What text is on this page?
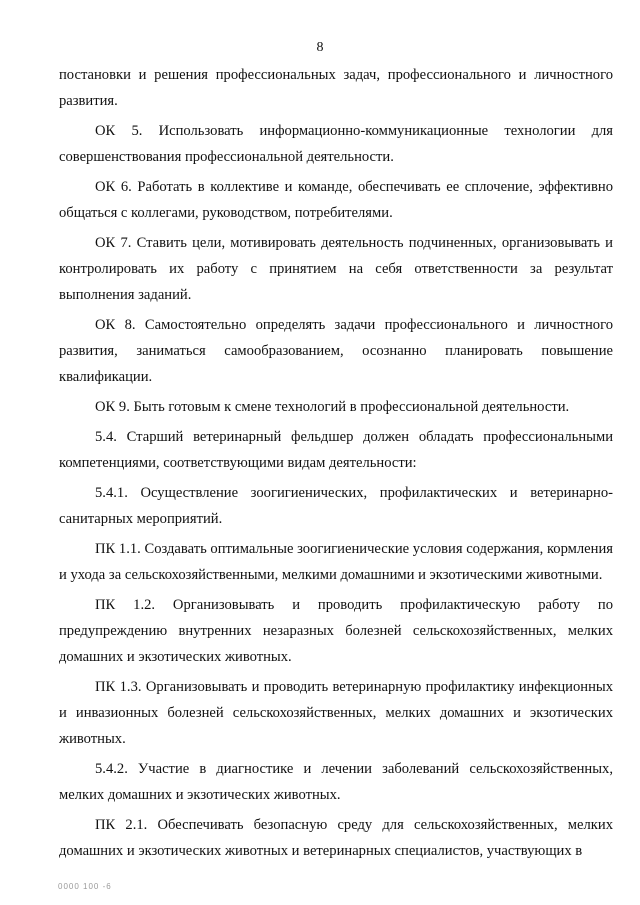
8

постановки и решения профессиональных задач, профессионального и личностного развития.

ОК 5. Использовать информационно-коммуникационные технологии для совершенствования профессиональной деятельности.

ОК 6. Работать в коллективе и команде, обеспечивать ее сплочение, эффективно общаться с коллегами, руководством, потребителями.

ОК 7. Ставить цели, мотивировать деятельность подчиненных, организовывать и контролировать их работу с принятием на себя ответственности за результат выполнения заданий.

ОК 8. Самостоятельно определять задачи профессионального и личностного развития, заниматься самообразованием, осознанно планировать повышение квалификации.

ОК 9. Быть готовым к смене технологий в профессиональной деятельности.

5.4. Старший ветеринарный фельдшер должен обладать профессиональными компетенциями, соответствующими видам деятельности:

5.4.1. Осуществление зоогигиенических, профилактических и ветеринарно-санитарных мероприятий.

ПК 1.1. Создавать оптимальные зоогигиенические условия содержания, кормления и ухода за сельскохозяйственными, мелкими домашними и экзотическими животными.

ПК 1.2. Организовывать и проводить профилактическую работу по предупреждению внутренних незаразных болезней сельскохозяйственных, мелких домашних и экзотических животных.

ПК 1.3. Организовывать и проводить ветеринарную профилактику инфекционных и инвазионных болезней сельскохозяйственных, мелких домашних и экзотических животных.

5.4.2. Участие в диагностике и лечении заболеваний сельскохозяйственных, мелких домашних и экзотических животных.

ПК 2.1. Обеспечивать безопасную среду для сельскохозяйственных, мелких домашних и экзотических животных и ветеринарных специалистов, участвующих в

0000 100 -6
